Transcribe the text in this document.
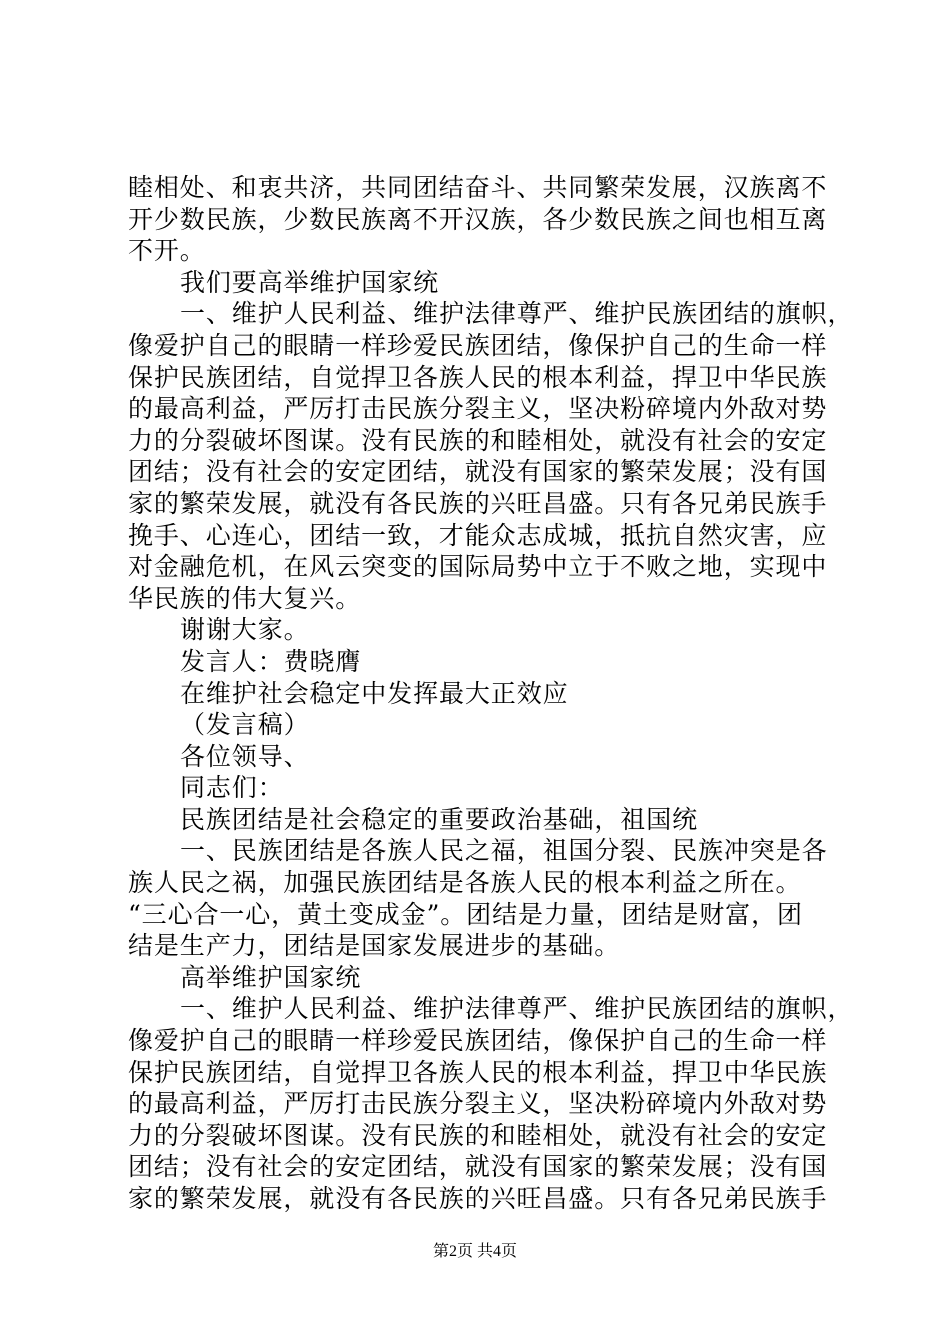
睦相处、和衷共济，共同团结奋斗、共同繁荣发展，汉族离不
开少数民族，少数民族离不开汉族，各少数民族之间也相互离
不开。
我们要高举维护国家统
一、维护人民利益、维护法律尊严、维护民族团结的旗帜，
像爱护自己的眼睛一样珍爱民族团结，像保护自己的生命一样
保护民族团结，自觉捍卫各族人民的根本利益，捍卫中华民族
的最高利益，严厉打击民族分裂主义，坚决粉碎境内外敌对势
力的分裂破坏图谋。没有民族的和睦相处，就没有社会的安定
团结；没有社会的安定团结，就没有国家的繁荣发展；没有国
家的繁荣发展，就没有各民族的兴旺昌盛。只有各兄弟民族手
挽手、心连心，团结一致，才能众志成城，抵抗自然灾害，应
对金融危机，在风云突变的国际局势中立于不败之地，实现中
华民族的伟大复兴。
谢谢大家。
发言人：费晓膺
在维护社会稳定中发挥最大正效应
（发言稿）
各位领导、
同志们：
民族团结是社会稳定的重要政治基础，祖国统
一、民族团结是各族人民之福，祖国分裂、民族冲突是各
族人民之祸，加强民族团结是各族人民的根本利益之所在。
“三心合一心，黄土变成金”。团结是力量，团结是财富，团
结是生产力，团结是国家发展进步的基础。
高举维护国家统
一、维护人民利益、维护法律尊严、维护民族团结的旗帜，
像爱护自己的眼睛一样珍爱民族团结，像保护自己的生命一样
保护民族团结，自觉捍卫各族人民的根本利益，捍卫中华民族
的最高利益，严厉打击民族分裂主义，坚决粉碎境内外敌对势
力的分裂破坏图谋。没有民族的和睦相处，就没有社会的安定
团结；没有社会的安定团结，就没有国家的繁荣发展；没有国
家的繁荣发展，就没有各民族的兴旺昌盛。只有各兄弟民族手
第2页 共4页
